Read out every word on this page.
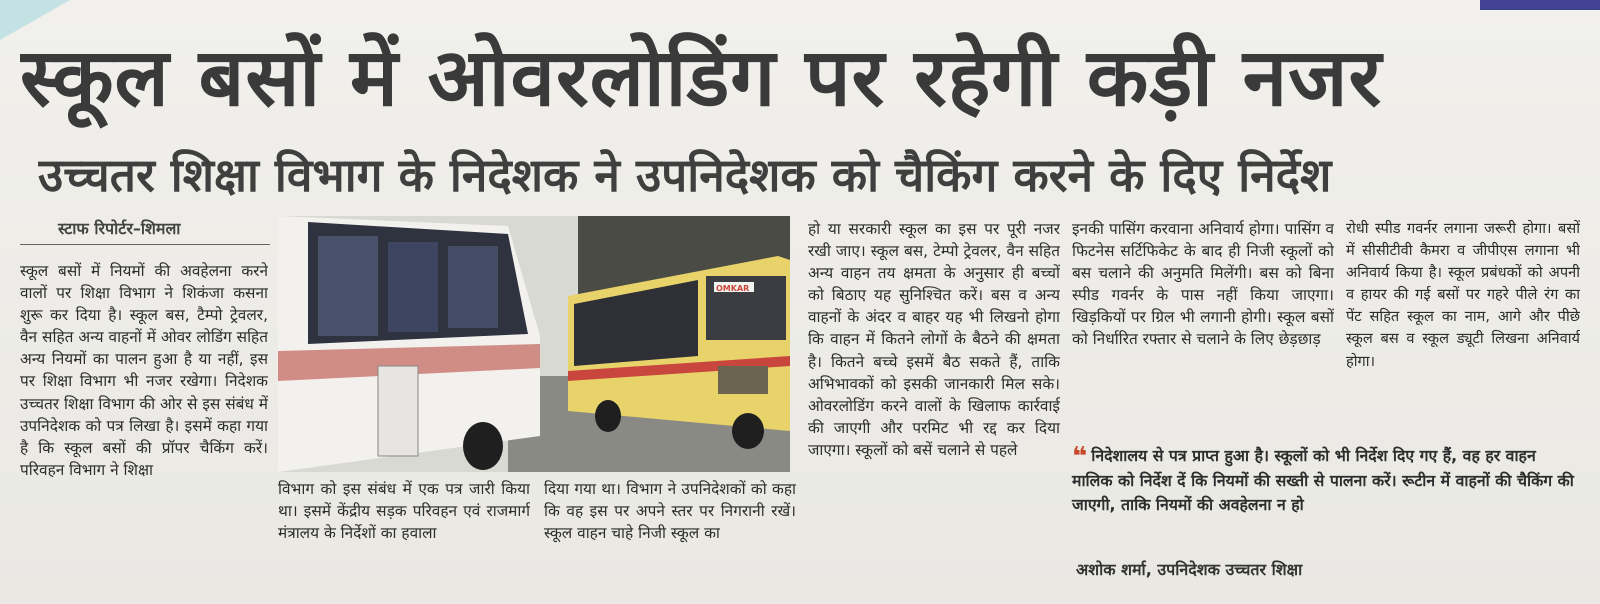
स्कूल बसों में ओवरलोडिंग पर रहेगी कड़ी नजर
उच्चतर शिक्षा विभाग के निदेशक ने उपनिदेशक को चैकिंग करने के दिए निर्देश
स्टाफ रिपोर्टर–शिमला
स्कूल बसों में नियमों की अवहेलना करने वालों पर शिक्षा विभाग ने शिकंजा कसना शुरू कर दिया है। स्कूल बस, टैम्पो ट्रेवलर, वैन सहित अन्य वाहनों में ओवर लोडिंग सहित अन्य नियमों का पालन हुआ है या नहीं, इस पर शिक्षा विभाग भी नजर रखेगा। निदेशक उच्चतर शिक्षा विभाग की ओर से इस संबंध में उपनिदेशक को पत्र लिखा है। इसमें कहा गया है कि स्कूल बसों की प्रॉपर चैकिंग करें। परिवहन विभाग ने शिक्षा
OMKAR
विभाग को इस संबंध में एक पत्र जारी किया था। इसमें केंद्रीय सड़क परिवहन एवं राजमार्ग मंत्रालय के निर्देशों का हवाला
दिया गया था। विभाग ने उपनिदेशकों को कहा कि वह इस पर अपने स्तर पर निगरानी रखें। स्कूल वाहन चाहे निजी स्कूल का
हो या सरकारी स्कूल का इस पर पूरी नजर रखी जाए। स्कूल बस, टेम्पो ट्रेवलर, वैन सहित अन्य वाहन तय क्षमता के अनुसार ही बच्चों को बिठाए यह सुनिश्चित करें। बस व अन्य वाहनों के अंदर व बाहर यह भी लिखनो होगा कि वाहन में कितने लोगों के बैठने की क्षमता है। कितने बच्चे इसमें बैठ सकते हैं, ताकि अभिभावकों को इसकी जानकारी मिल सके। ओवरलोडिंग करने वालों के खिलाफ कार्रवाई की जाएगी और परमिट भी रद्द कर दिया जाएगा। स्कूलों को बसें चलाने से पहले
इनकी पासिंग करवाना अनिवार्य होगा। पासिंग व फिटनेस सर्टिफिकेट के बाद ही निजी स्कूलों को बस चलाने की अनुमति मिलेंगी। बस को बिना स्पीड गवर्नर के पास नहीं किया जाएगा। खिड़कियों पर ग्रिल भी लगानी होगी। स्कूल बसों को निर्धारित रफ्तार से चलाने के लिए छेड़छाड़
रोधी स्पीड गवर्नर लगाना जरूरी होगा। बसों में सीसीटीवी कैमरा व जीपीएस लगाना भी अनिवार्य किया है। स्कूल प्रबंधकों को अपनी व हायर की गई बसों पर गहरे पीले रंग का पेंट सहित स्कूल का नाम, आगे और पीछे स्कूल बस व स्कूल ड्यूटी लिखना अनिवार्य होगा।
❝ निदेशालय से पत्र प्राप्त हुआ है। स्कूलों को भी निर्देश दिए गए हैं, वह हर वाहन मालिक को निर्देश दें कि नियमों की सख्ती से पालना करें। रूटीन में वाहनों की चैकिंग की जाएगी, ताकि नियमों की अवहेलना न हो
अशोक शर्मा, उपनिदेशक उच्चतर शिक्षा
